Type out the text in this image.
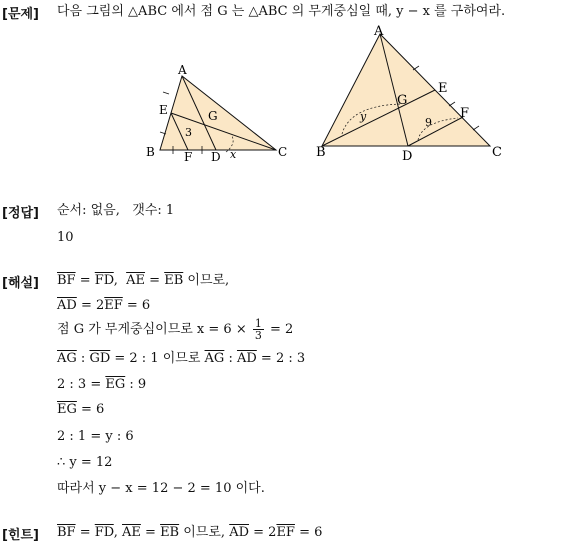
[문제] 다음 그림의 △ABC 에서 점 G 는 △ABC 의 무게중심일 때, y − x 를 구하여라.
A
B	C
D
E
F
G
3
x
A
B	C
D
E
F
G
y	9
[정답] 순서: 없음,   갯수: 1
10
[해설] $\overline{BF} = \overline{FD}$,  $\overline{AE} = \overline{EB}$ 이므로,
$\overline{AD} = 2\overline{EF} = 6$
점 G 가 무게중심이므로 $x = 6 \times \frac{1}{3} = 2$
$\overline{AG}$ : $\overline{GD} = 2$ : 1 이므로 $\overline{AG}$ : $\overline{AD} = 2$ : 3
2 : $3 = \overline{EG}$ : 9
$\overline{EG} = 6$
2 : 1 = y : 6
∴ y = 12
따라서 y − x = 12 − 2 = 10 이다.
[힌트] $\overline{BF} = \overline{FD}$, $\overline{AE} = \overline{EB}$ 이므로, $\overline{AD} = 2\overline{EF} = 6$
